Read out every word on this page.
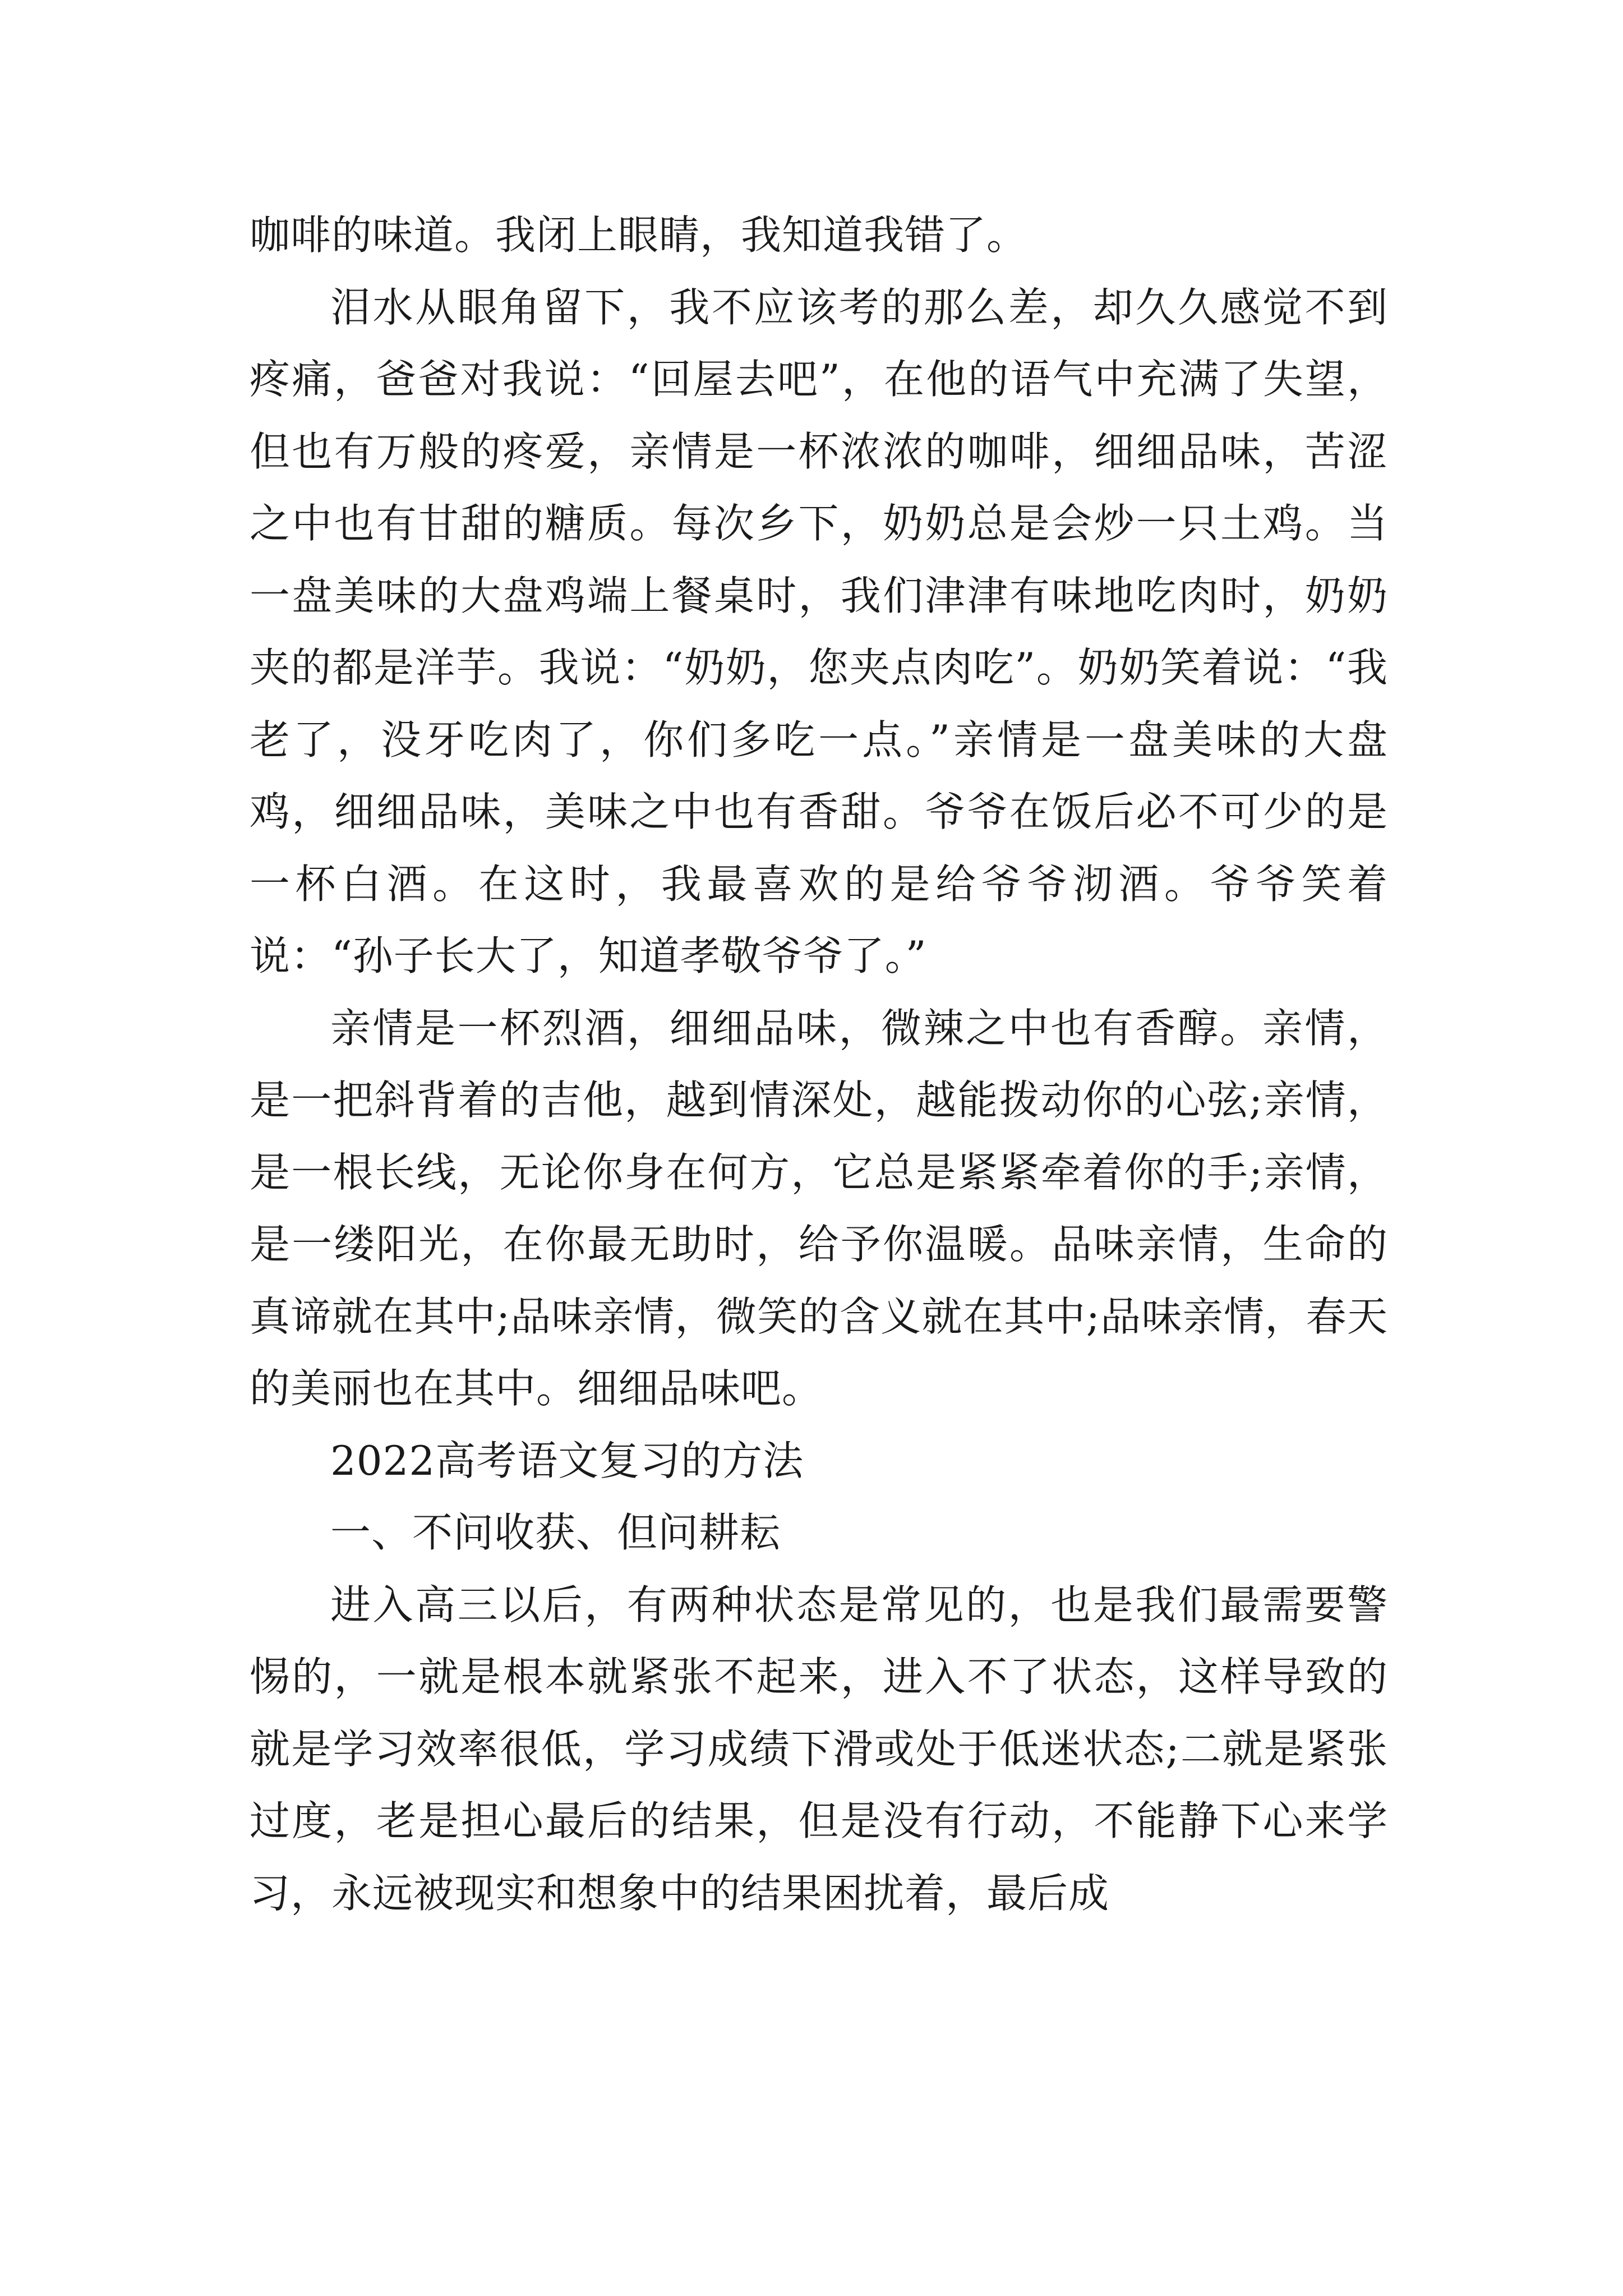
咖啡的味道。我闭上眼睛，我知道我错了。

泪水从眼角留下，我不应该考的那么差，却久久感觉不到疼痛，爸爸对我说：“回屋去吧”，在他的语气中充满了失望，但也有万般的疼爱，亲情是一杯浓浓的咖啡，细细品味，苦涩之中也有甘甜的糖质。每次乡下，奶奶总是会炒一只土鸡。当一盘美味的大盘鸡端上餐桌时，我们津津有味地吃肉时，奶奶夹的都是洋芋。我说：“奶奶，您夹点肉吃”。奶奶笑着说：“我老了，没牙吃肉了，你们多吃一点。”亲情是一盘美味的大盘鸡，细细品味，美味之中也有香甜。爷爷在饭后必不可少的是一杯白酒。在这时，我最喜欢的是给爷爷沏酒。爷爷笑着说：“孙子长大了，知道孝敬爷爷了。”

亲情是一杯烈酒，细细品味，微辣之中也有香醇。亲情，是一把斜背着的吉他，越到情深处，越能拨动你的心弦;亲情，是一根长线，无论你身在何方，它总是紧紧牵着你的手;亲情，是一缕阳光，在你最无助时，给予你温暖。品味亲情，生命的真谛就在其中;品味亲情，微笑的含义就在其中;品味亲情，春天的美丽也在其中。细细品味吧。

2022高考语文复习的方法

一、不问收获、但问耕耘

进入高三以后，有两种状态是常见的，也是我们最需要警惕的，一就是根本就紧张不起来，进入不了状态，这样导致的就是学习效率很低，学习成绩下滑或处于低迷状态;二就是紧张过度，老是担心最后的结果，但是没有行动，不能静下心来学习，永远被现实和想象中的结果困扰着，最后成
